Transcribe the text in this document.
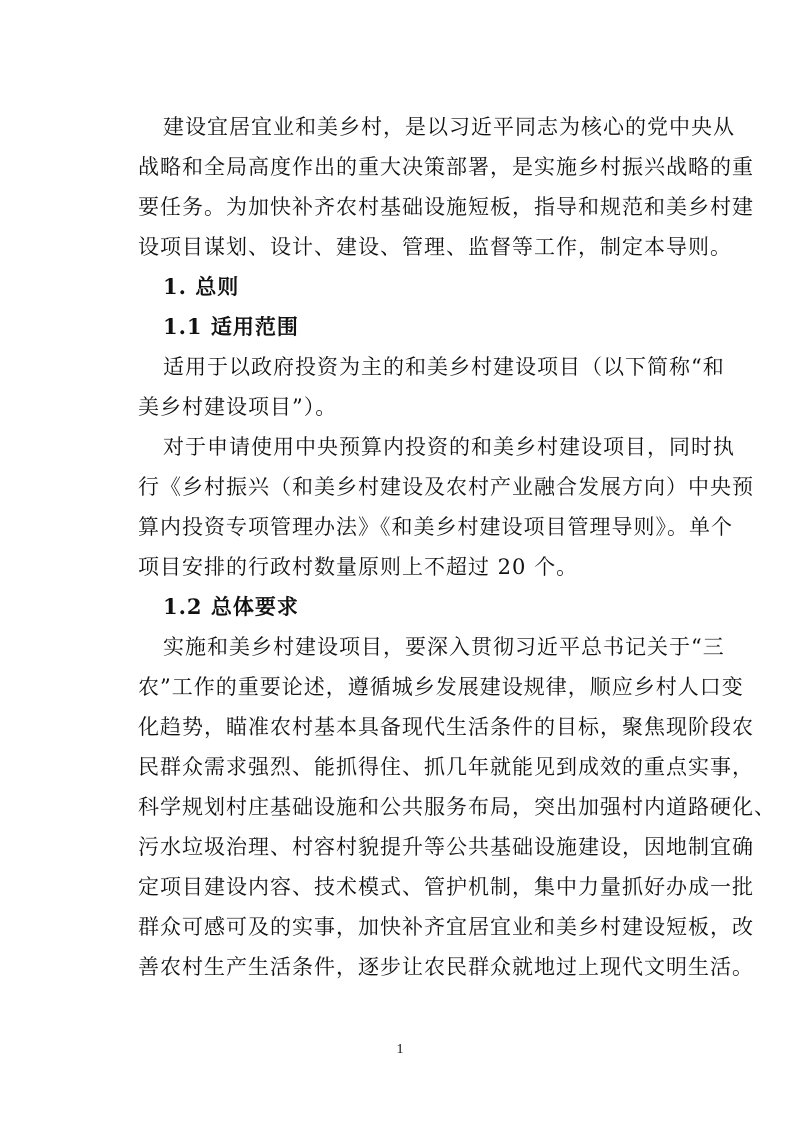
建设宜居宜业和美乡村，是以习近平同志为核心的党中央从
战略和全局高度作出的重大决策部署，是实施乡村振兴战略的重
要任务。为加快补齐农村基础设施短板，指导和规范和美乡村建
设项目谋划、设计、建设、管理、监督等工作，制定本导则。
1. 总则
1.1 适用范围
适用于以政府投资为主的和美乡村建设项目（以下简称“和
美乡村建设项目”）。
对于申请使用中央预算内投资的和美乡村建设项目，同时执
行《乡村振兴（和美乡村建设及农村产业融合发展方向）中央预
算内投资专项管理办法》《和美乡村建设项目管理导则》。单个
项目安排的行政村数量原则上不超过 20 个。
1.2 总体要求
实施和美乡村建设项目，要深入贯彻习近平总书记关于“三
农”工作的重要论述，遵循城乡发展建设规律，顺应乡村人口变
化趋势，瞄准农村基本具备现代生活条件的目标，聚焦现阶段农
民群众需求强烈、能抓得住、抓几年就能见到成效的重点实事，
科学规划村庄基础设施和公共服务布局，突出加强村内道路硬化、
污水垃圾治理、村容村貌提升等公共基础设施建设，因地制宜确
定项目建设内容、技术模式、管护机制，集中力量抓好办成一批
群众可感可及的实事，加快补齐宜居宜业和美乡村建设短板，改
善农村生产生活条件，逐步让农民群众就地过上现代文明生活。
1
